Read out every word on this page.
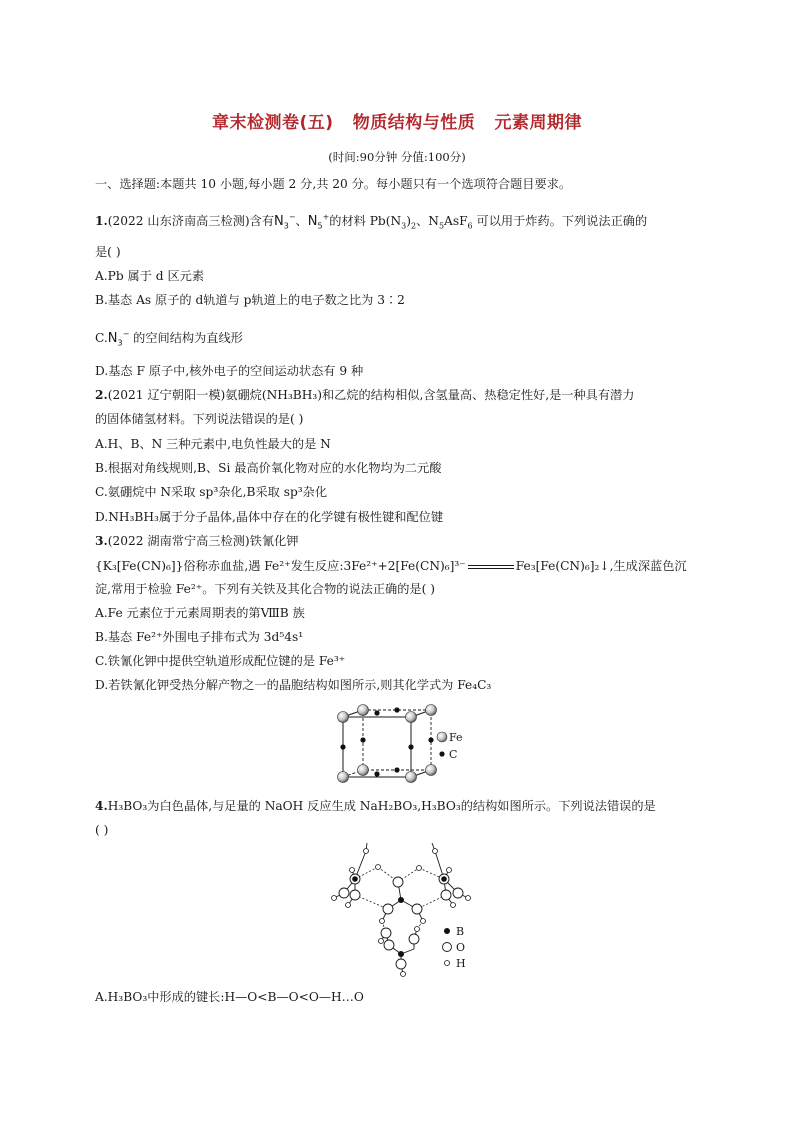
章末检测卷(五)   物质结构与性质   元素周期律
(时间:90分钟 分值:100分)
一、选择题:本题共 10 小题,每小题 2 分,共 20 分。每小题只有一个选项符合题目要求。
1.(2022 山东济南高三检测)含有$N_3^-$、$N_5^+$的材料 $Pb(N_3)_2$、$N_5AsF_6$ 可以用于炸药。下列说法正确的
是( )
A.Pb 属于 d 区元素
B.基态 As 原子的 d轨道与 p轨道上的电子数之比为 3∶2
$C.N_3^-$ 的空间结构为直线形
D.基态 F 原子中,核外电子的空间运动状态有 9 种
2.(2021 辽宁朝阳一模)氨硼烷(NH₃BH₃)和乙烷的结构相似,含氢量高、热稳定性好,是一种具有潜力
的固体储氢材料。下列说法错误的是( )
A.H、B、N 三种元素中,电负性最大的是 N
B.根据对角线规则,B、Si 最高价氧化物对应的水化物均为二元酸
C.氨硼烷中 N采取 sp³杂化,B采取 sp³杂化
D.NH₃BH₃属于分子晶体,晶体中存在的化学键有极性键和配位键
3.(2022 湖南常宁高三检测)铁氰化钾
{K₃[Fe(CN)₆]}俗称赤血盐,遇 Fe²⁺发生反应:3Fe²⁺+2[Fe(CN)₆]³⁻	Fe₃[Fe(CN)₆]₂↓,生成深蓝色沉
淀,常用于检验 Fe²⁺。下列有关铁及其化合物的说法正确的是( )
A.Fe 元素位于元素周期表的第ⅧB 族
B.基态 Fe²⁺外围电子排布式为 3d⁵4s¹
C.铁氰化钾中提供空轨道形成配位键的是 Fe³⁺
D.若铁氰化钾受热分解产物之一的晶胞结构如图所示,则其化学式为 Fe₄C₃
Fe
C
4.H₃BO₃为白色晶体,与足量的 NaOH 反应生成 NaH₂BO₃,H₃BO₃的结构如图所示。下列说法错误的是
( )
B
O
H
A.H₃BO₃中形成的键长:H—O<B—O<O—H…O
